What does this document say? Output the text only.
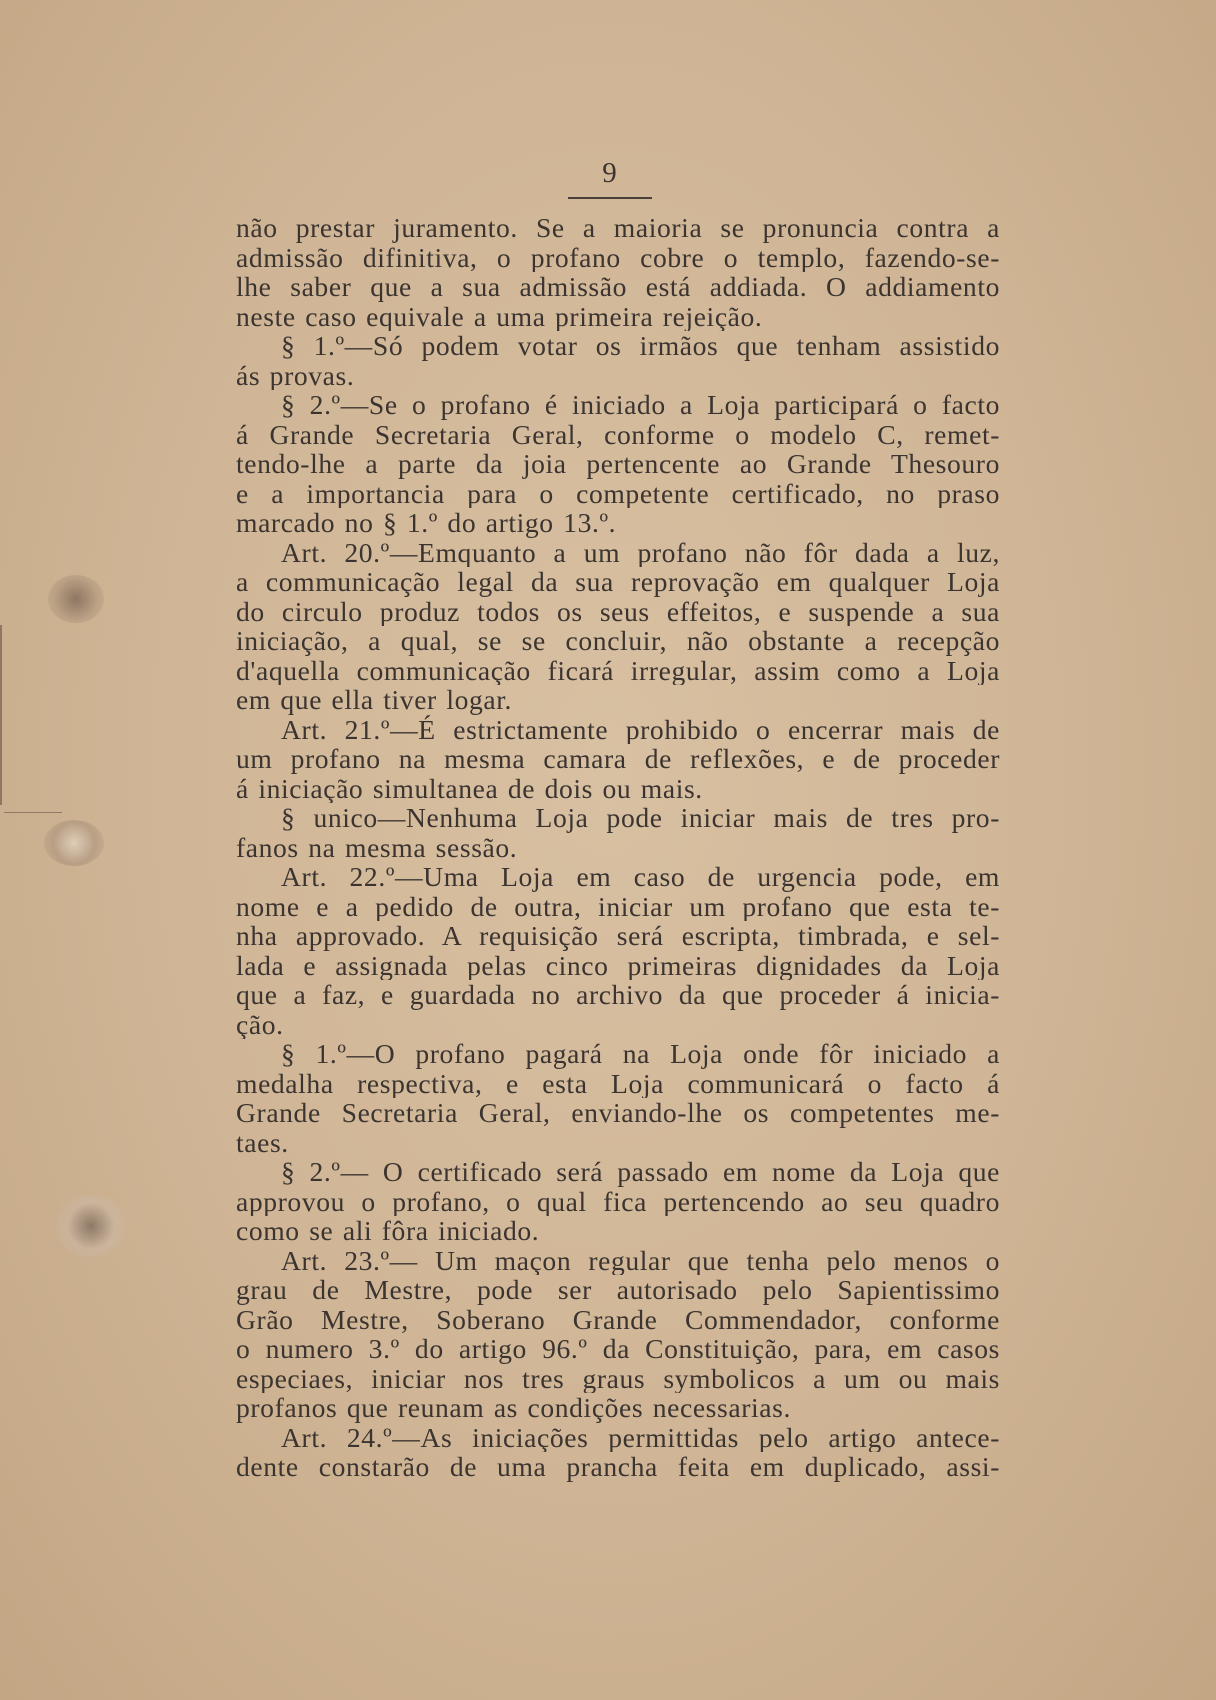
9
não prestar juramento. Se a maioria se pronuncia contra a
admissão difinitiva, o profano cobre o templo, fazendo-se-
lhe saber que a sua admissão está addiada. O addiamento
neste caso equivale a uma primeira rejeição.
§ 1.º—Só podem votar os irmãos que tenham assistido
ás provas.
§ 2.º—Se o profano é iniciado a Loja participará o facto
á Grande Secretaria Geral, conforme o modelo C, remet-
tendo-lhe a parte da joia pertencente ao Grande Thesouro
e a importancia para o competente certificado, no praso
marcado no § 1.º do artigo 13.º.
Art. 20.º—Emquanto a um profano não fôr dada a luz,
a communicação legal da sua reprovação em qualquer Loja
do circulo produz todos os seus effeitos, e suspende a sua
iniciação, a qual, se se concluir, não obstante a recepção
d'aquella communicação ficará irregular, assim como a Loja
em que ella tiver logar.
Art. 21.º—É estrictamente prohibido o encerrar mais de
um profano na mesma camara de reflexões, e de proceder
á iniciação simultanea de dois ou mais.
§ unico—Nenhuma Loja pode iniciar mais de tres pro-
fanos na mesma sessão.
Art. 22.º—Uma Loja em caso de urgencia pode, em
nome e a pedido de outra, iniciar um profano que esta te-
nha approvado. A requisição será escripta, timbrada, e sel-
lada e assignada pelas cinco primeiras dignidades da Loja
que a faz, e guardada no archivo da que proceder á inicia-
ção.
§ 1.º—O profano pagará na Loja onde fôr iniciado a
medalha respectiva, e esta Loja communicará o facto á
Grande Secretaria Geral, enviando-lhe os competentes me-
taes.
§ 2.º— O certificado será passado em nome da Loja que
approvou o profano, o qual fica pertencendo ao seu quadro
como se ali fôra iniciado.
Art. 23.º— Um maçon regular que tenha pelo menos o
grau de Mestre, pode ser autorisado pelo Sapientissimo
Grão Mestre, Soberano Grande Commendador, conforme
o numero 3.º do artigo 96.º da Constituição, para, em casos
especiaes, iniciar nos tres graus symbolicos a um ou mais
profanos que reunam as condições necessarias.
Art. 24.º—As iniciações permittidas pelo artigo antece-
dente constarão de uma prancha feita em duplicado, assi-
